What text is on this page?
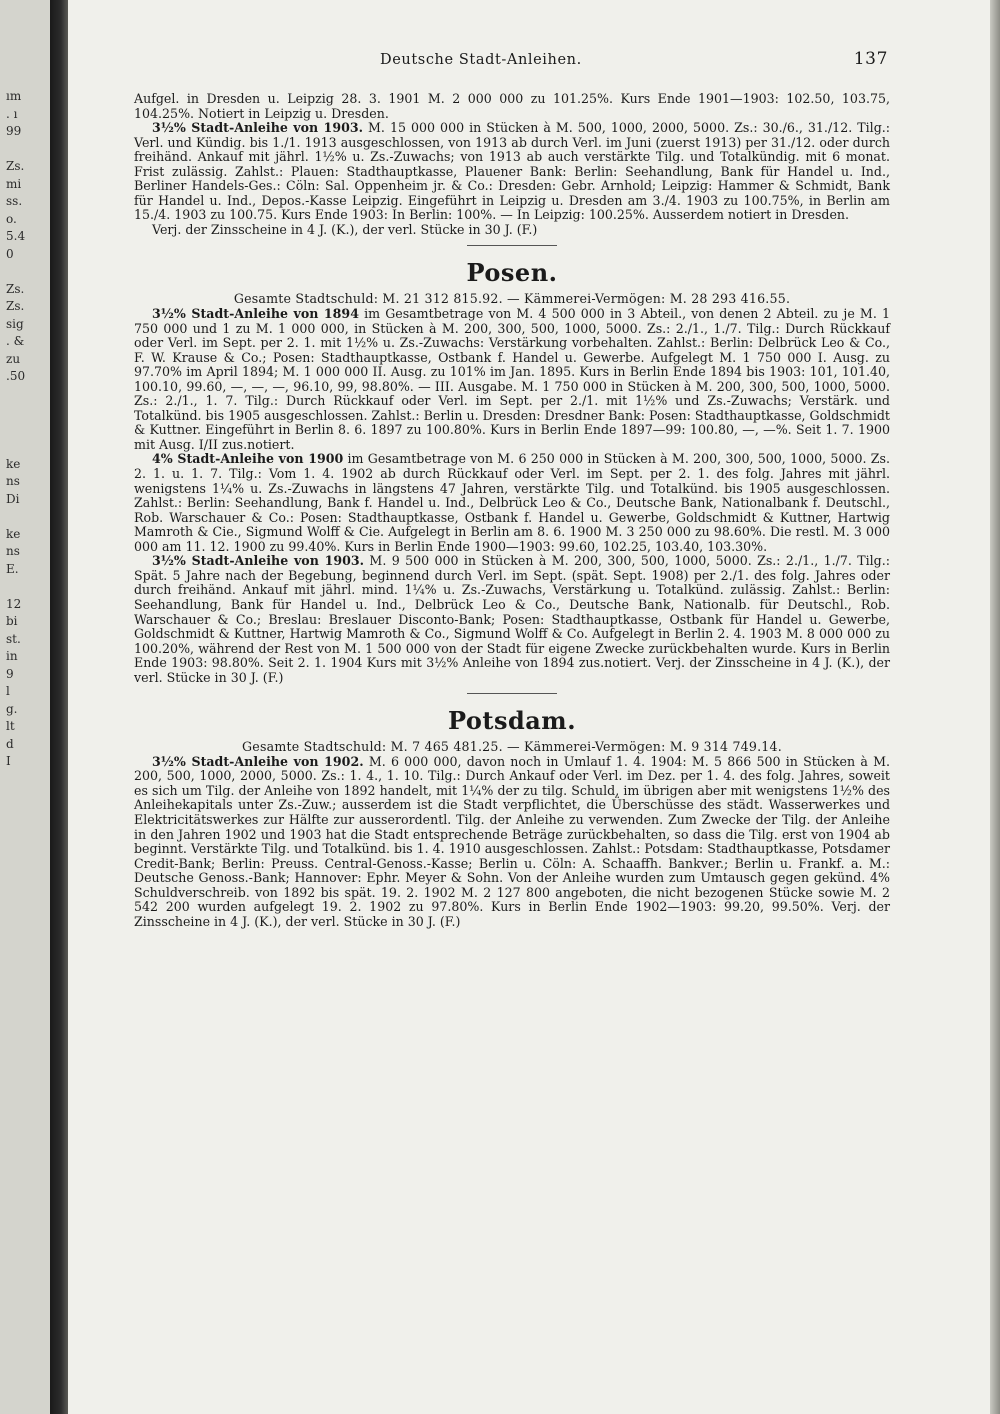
ım
. ı
99

Zs.
mi
ss.
o.
5.4
0

Zs.
Zs.
sig
. &
zu
.50

ke
ns
Di

ke
ns
E.

12
bi
st.
in
9
l
g.
lt
d
I
Deutsche Stadt-Anleihen.	137

Aufgel. in Dresden u. Leipzig 28. 3. 1901 M. 2 000 000 zu 101.25%. Kurs Ende 1901—1903: 102.50, 103.75, 104.25%. Notiert in Leipzig u. Dresden.

3½% Stadt-Anleihe von 1903. M. 15 000 000 in Stücken à M. 500, 1000, 2000, 5000. Zs.: 30./6., 31./12. Tilg.: Verl. und Kündig. bis 1./1. 1913 ausgeschlossen, von 1913 ab durch Verl. im Juni (zuerst 1913) per 31./12. oder durch freihänd. Ankauf mit jährl. 1½% u. Zs.-Zuwachs; von 1913 ab auch verstärkte Tilg. und Totalkündig. mit 6 monat. Frist zulässig. Zahlst.: Plauen: Stadthauptkasse, Plauener Bank: Berlin: Seehandlung, Bank für Handel u. Ind., Berliner Handels-Ges.: Cöln: Sal. Oppenheim jr. & Co.: Dresden: Gebr. Arnhold; Leipzig: Hammer & Schmidt, Bank für Handel u. Ind., Depos.-Kasse Leipzig. Eingeführt in Leipzig u. Dresden am 3./4. 1903 zu 100.75%, in Berlin am 15./4. 1903 zu 100.75. Kurs Ende 1903: In Berlin: 100%. — In Leipzig: 100.25%. Ausserdem notiert in Dresden.

Verj. der Zinsscheine in 4 J. (K.), der verl. Stücke in 30 J. (F.)

Posen.

Gesamte Stadtschuld: M. 21 312 815.92. — Kämmerei-Vermögen: M. 28 293 416.55.

3½% Stadt-Anleihe von 1894 im Gesamtbetrage von M. 4 500 000 in 3 Abteil., von denen 2 Abteil. zu je M. 1 750 000 und 1 zu M. 1 000 000, in Stücken à M. 200, 300, 500, 1000, 5000. Zs.: 2./1., 1./7. Tilg.: Durch Rückkauf oder Verl. im Sept. per 2. 1. mit 1½% u. Zs.-Zuwachs: Verstärkung vorbehalten. Zahlst.: Berlin: Delbrück Leo & Co., F. W. Krause & Co.; Posen: Stadthauptkasse, Ostbank f. Handel u. Gewerbe. Aufgelegt M. 1 750 000 I. Ausg. zu 97.70% im April 1894; M. 1 000 000 II. Ausg. zu 101% im Jan. 1895. Kurs in Berlin Ende 1894 bis 1903: 101, 101.40, 100.10, 99.60, —, —, —, 96.10, 99, 98.80%. — III. Ausgabe. M. 1 750 000 in Stücken à M. 200, 300, 500, 1000, 5000. Zs.: 2./1., 1. 7. Tilg.: Durch Rückkauf oder Verl. im Sept. per 2./1. mit 1½% und Zs.-Zuwachs; Verstärk. und Totalkünd. bis 1905 ausgeschlossen. Zahlst.: Berlin u. Dresden: Dresdner Bank: Posen: Stadthauptkasse, Goldschmidt & Kuttner. Eingeführt in Berlin 8. 6. 1897 zu 100.80%. Kurs in Berlin Ende 1897—99: 100.80, —, —%. Seit 1. 7. 1900 mit Ausg. I/II zus.notiert.

4% Stadt-Anleihe von 1900 im Gesamtbetrage von M. 6 250 000 in Stücken à M. 200, 300, 500, 1000, 5000. Zs. 2. 1. u. 1. 7. Tilg.: Vom 1. 4. 1902 ab durch Rückkauf oder Verl. im Sept. per 2. 1. des folg. Jahres mit jährl. wenigstens 1¼% u. Zs.-Zuwachs in längstens 47 Jahren, verstärkte Tilg. und Totalkünd. bis 1905 ausgeschlossen. Zahlst.: Berlin: Seehandlung, Bank f. Handel u. Ind., Delbrück Leo & Co., Deutsche Bank, Nationalbank f. Deutschl., Rob. Warschauer & Co.: Posen: Stadthauptkasse, Ostbank f. Handel u. Gewerbe, Goldschmidt & Kuttner, Hartwig Mamroth & Cie., Sigmund Wolff & Cie. Aufgelegt in Berlin am 8. 6. 1900 M. 3 250 000 zu 98.60%. Die restl. M. 3 000 000 am 11. 12. 1900 zu 99.40%. Kurs in Berlin Ende 1900—1903: 99.60, 102.25, 103.40, 103.30%.

3½% Stadt-Anleihe von 1903. M. 9 500 000 in Stücken à M. 200, 300, 500, 1000, 5000. Zs.: 2./1., 1./7. Tilg.: Spät. 5 Jahre nach der Begebung, beginnend durch Verl. im Sept. (spät. Sept. 1908) per 2./1. des folg. Jahres oder durch freihänd. Ankauf mit jährl. mind. 1¼% u. Zs.-Zuwachs, Verstärkung u. Totalkünd. zulässig. Zahlst.: Berlin: Seehandlung, Bank für Handel u. Ind., Delbrück Leo & Co., Deutsche Bank, Nationalb. für Deutschl., Rob. Warschauer & Co.; Breslau: Breslauer Disconto-Bank; Posen: Stadthauptkasse, Ostbank für Handel u. Gewerbe, Goldschmidt & Kuttner, Hartwig Mamroth & Co., Sigmund Wolff & Co. Aufgelegt in Berlin 2. 4. 1903 M. 8 000 000 zu 100.20%, während der Rest von M. 1 500 000 von der Stadt für eigene Zwecke zurückbehalten wurde. Kurs in Berlin Ende 1903: 98.80%. Seit 2. 1. 1904 Kurs mit 3½% Anleihe von 1894 zus.notiert. Verj. der Zinsscheine in 4 J. (K.), der verl. Stücke in 30 J. (F.)

Potsdam.

Gesamte Stadtschuld: M. 7 465 481.25. — Kämmerei-Vermögen: M. 9 314 749.14.

3½% Stadt-Anleihe von 1902. M. 6 000 000, davon noch in Umlauf 1. 4. 1904: M. 5 866 500 in Stücken à M. 200, 500, 1000, 2000, 5000. Zs.: 1. 4., 1. 10. Tilg.: Durch Ankauf oder Verl. im Dez. per 1. 4. des folg. Jahres, soweit es sich um Tilg. der Anleihe von 1892 handelt, mit 1¼% der zu tilg. Schuld, im übrigen aber mit wenigstens 1½% des Anleihekapitals unter Zs.-Zuw.; ausserdem ist die Stadt verpflichtet, die Überschüsse des städt. Wasserwerkes und Elektricitätswerkes zur Hälfte zur ausserordentl. Tilg. der Anleihe zu verwenden. Zum Zwecke der Tilg. der Anleihe in den Jahren 1902 und 1903 hat die Stadt entsprechende Beträge zurückbehalten, so dass die Tilg. erst von 1904 ab beginnt. Verstärkte Tilg. und Totalkünd. bis 1. 4. 1910 ausgeschlossen. Zahlst.: Potsdam: Stadthauptkasse, Potsdamer Credit-Bank; Berlin: Preuss. Central-Genoss.-Kasse; Berlin u. Cöln: A. Schaaffh. Bankver.; Berlin u. Frankf. a. M.: Deutsche Genoss.-Bank; Hannover: Ephr. Meyer & Sohn. Von der Anleihe wurden zum Umtausch gegen gekünd. 4% Schuldverschreib. von 1892 bis spät. 19. 2. 1902 M. 2 127 800 angeboten, die nicht bezogenen Stücke sowie M. 2 542 200 wurden aufgelegt 19. 2. 1902 zu 97.80%. Kurs in Berlin Ende 1902—1903: 99.20, 99.50%. Verj. der Zinsscheine in 4 J. (K.), der verl. Stücke in 30 J. (F.)
